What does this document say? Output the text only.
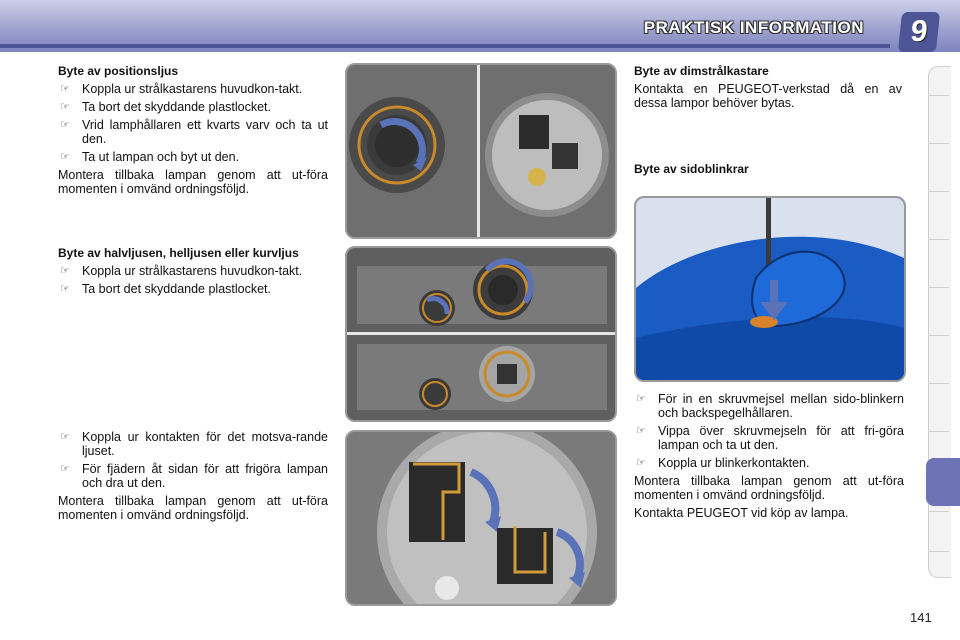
PRAKTISK INFORMATION	9
Byte av positionsljus
☞ Koppla ur strålkastarens huvudkon-takt.
☞ Ta bort det skyddande plastlocket.
☞ Vrid lamphållaren ett kvarts varv och ta ut den.
☞ Ta ut lampan och byt ut den.

Montera tillbaka lampan genom att ut-föra momenten i omvänd ordningsföljd.

Byte av halvljusen, helljusen eller kurvljus
☞ Koppla ur strålkastarens huvudkon-takt.
☞ Ta bort det skyddande plastlocket.
☞ Koppla ur kontakten för det motsva-rande ljuset.
☞ För fjädern åt sidan för att frigöra lampan och dra ut den.

Montera tillbaka lampan genom att ut-föra momenten i omvänd ordningsföljd.

Byte av dimstrålkastare

Kontakta en PEUGEOT-verkstad då en av dessa lampor behöver bytas.

Byte av sidoblinkrar
☞ För in en skruvmejsel mellan sido-blinkern och backspegelhållaren.
☞ Vippa över skruvmejseln för att fri-göra lampan och ta ut den.
☞ Koppla ur blinkerkontakten.

Montera tillbaka lampan genom att ut-föra momenten i omvänd ordningsföljd.

Kontakta PEUGEOT vid köp av lampa.

141
